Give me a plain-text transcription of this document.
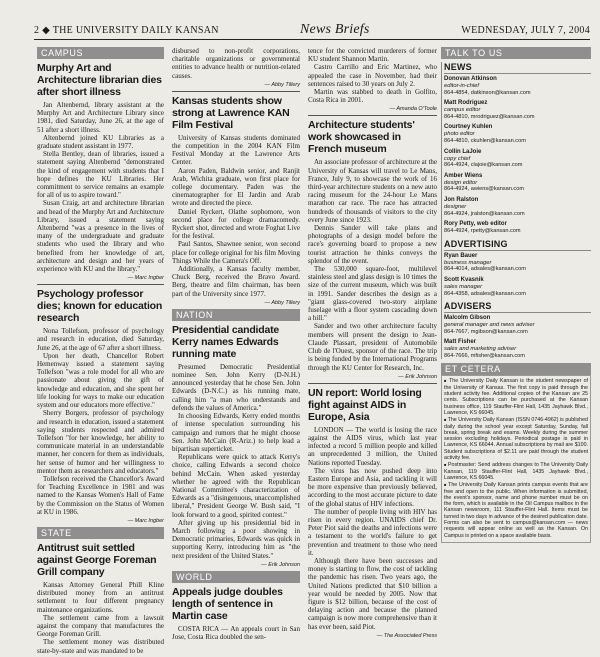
2 ◆ THE UNIVERSITY DAILY KANSAN	News Briefs	WEDNESDAY, JULY 7, 2004
CAMPUS
Murphy Art and Architecture librarian dies after short illness

Jan Altenbernd, library assistant at the Murphy Art and Architecture Library since 1981, died Saturday, June 26, at the age of 51 after a short illness.

Altenbernd joined KU Libraries as a graduate student assistant in 1977.

Stella Bentley, dean of libraries, issued a statement saying Altenbernd "demonstrated the kind of engagement with students that I hope defines the KU Libraries. Her commitment to service remains an example for all of us to aspire toward."

Susan Craig, art and architecture librarian and head of the Murphy Art and Architecture Library, issued a statement saying Altenbernd "was a presence in the lives of many of the undergraduate and graduate students who used the library and who benefited from her knowledge of art, architecture and design and her years of experience with KU and the library."

— Marc Ingber
Psychology professor dies; known for education research

Nona Tollefson, professor of psychology and research in education, died Saturday, June 26, at the age of 67 after a short illness.

Upon her death, Chancellor Robert Hemenway issued a statement saying Tollefson "was a role model for all who are passionate about giving the gift of knowledge and education, and she spent her life looking for ways to make our education system and our educators more effective."

Sherry Borgers, professor of psychology and research in education, issued a statement saying students respected and admired Tollefson "for her knowledge, her ability to communicate material in an understandable manner, her concern for them as individuals, her sense of humor and her willingness to mentor them as researchers and educators."

Tollefson received the Chancellor's Award for Teaching Excellence in 1981 and was named to the Kansas Women's Hall of Fame by the Commission on the Status of Women at KU in 1986.

— Marc Ingber
STATE
Antitrust suit settled against George Foreman Grill company

Kansas Attorney General Phill Kline distributed money from an antitrust settlement to four different pregnancy maintenance organizations.

The settlement came from a lawsuit against the company that manufactures the George Foreman Grill.

The settlement money was distributed state-by-state and was mandated to be

disbursed to non-profit corporations, charitable organizations or governmental entities to advance health or nutrition-related causes.

— Abby Tillery
Kansas students show strong at Lawrence KAN Film Festival

University of Kansas students dominated the competition in the 2004 KAN Film Festival Monday at the Lawrence Arts Center.

Aaron Paden, Baldwin senior, and Ranjit Arab, Wichita graduate, won first place for college documentary. Paden was the cinematographer for El Jardin and Arab wrote and directed the piece.

Daniel Ryckert, Olathe sophomore, won second place for college dramacomedy. Ryckert shot, directed and wrote Foghat Live for the festival.

Paul Santos, Shawnee senior, won second place for college original for his film Moving Things While the Camera's Off.

Additionally, a Kansas faculty member, Chuck Berg, received the Bravo Award. Berg, theatre and film chairman, has been part of the University since 1977.

— Abby Tillery
NATION
Presidential candidate Kerry names Edwards running mate

Presumed Democratic Presidential nominee Sen. John Kerry (D-N.H.) announced yesterday that he chose Sen. John Edwards (D-N.C.) as his running mate, calling him "a man who understands and defends the values of America."

In choosing Edwards, Kerry ended months of intense speculation surrounding his campaign and rumors that he might choose Sen. John McCain (R-Ariz.) to help lead a bipartisan superticket.

Republicans were quick to attack Kerry's choice, calling Edwards a second choice behind McCain. When asked yesterday whether he agreed with the Republican National Committee's characterization of Edwards as a "disingenuous, unaccomplished liberal," President George W. Bush said, "I look forward to a good, spirited contest."

After giving up his presidential bid in March following a poor showing in Democratic primaries, Edwards was quick in supporting Kerry, introducing him as "the next president of the United States."

— Erik Johnson
WORLD
Appeals judge doubles length of sentence in Martin case

COSTA RICA — An appeals court in San Jose, Costa Rica doubled the sen-

tence for the convicted murderers of former KU student Shannon Martin.

Castro Carrillo and Eric Martinez, who appealed the case in November, had their sentences raised to 30 years on July 2.

Martin was stabbed to death in Golfito, Costa Rica in 2001.

— Amanda O'Toole
Architecture students' work showcased in French museum

An associate professor of architecture at the University of Kansas will travel to Le Mans, France, July 9, to showcase the work of 16 third-year architecture students on a new auto racing museum for the 24-hour Le Mans marathon car race. The race has attracted hundreds of thousands of visitors to the city every June since 1923.

Dennis Sander will take plans and photographs of a design model before the race's governing board to propose a new tourist attraction he thinks conveys the splendor of the event.

The 530,000 square-foot, multilevel stainless steel and glass design is 10 times the size of the current museum, which was built in 1991. Sander describes the design as a "giant glass-covered two-story airplane fuselage with a floor system cascading down a hill."

Sander and two other architecture faculty members will present the design to Jean-Claude Plassart, president of Automobile Club de l'Ouest, sponsor of the race. The trip is being funded by the International Programs through the KU Center for Research, Inc.

— Erik Johnson
UN report: World losing fight against AIDS in Europe, Asia

LONDON — The world is losing the race against the AIDS virus, which last year infected a record 5 million people and killed an unprecedented 3 million, the United Nations reported Tuesday.

The virus has now pushed deep into Eastern Europe and Asia, and tackling it will be more expensive than previously believed, according to the most accurate picture to date of the global status of HIV infections.

The number of people living with HIV has risen in every region. UNAIDS chief Dr. Peter Piot said the deaths and infections were a testament to the world's failure to get prevention and treatment to those who need it.

Although there have been successes and money is starting to flow, the cost of tackling the pandemic has risen. Two years ago, the United Nations predicted that $10 billion a year would be needed by 2005. Now that figure is $12 billion, because of the cost of delaying action and because the planned campaign is now more comprehensive than it has ever been, said Piot.

— The Associated Press
TALK TO US
NEWS
Donovan Atkinson
editor-in-chief
864-4854, datkinson@kansan.com
Matt Rodriguez
campus editor
864-4810, mrodriguez@kansan.com
Courtney Kuhlen
photo editor
864-4810, ckuhlen@kansan.com
Collin LaJoie
copy chief
864-4924, clajoie@kansan.com
Amber Wiens
design editor
864-4924, awiens@kansan.com
Jon Ralston
designer
864-4924, jralston@kansan.com
Rory Petty, web editor
864-4924, rpetty@kansan.com
ADVERTISING
Ryan Bauer
business manager
864-4014, adsales@kansan.com
Scott Kvasnik
sales manager
864-4358, adsales@kansan.com
ADVISERS
Malcolm Gibson
general manager and news adviser
864-7667, mgibson@kansan.com
Matt Fisher
sales and marketing adviser
864-7666, mfisher@kansan.com
ET CETERA

■ The University Daily Kansan is the student newspaper of the University of Kansas. The first copy is paid through the student activity fee. Additional copies of the Kansan are 25 cents. Subscriptions can be purchased at the Kansan business office, 119 Stauffer-Flint Hall, 1435 Jayhawk Blvd., Lawrence, KS 66045.

■ The University Daily Kansan (ISSN 0746-4962) is published daily during the school year except Saturday, Sunday, fall break, spring break and exams. Weekly during the summer session excluding holidays. Periodical postage is paid in Lawrence, KS 66044. Annual subscriptions by mail are $100. Student subscriptions of $2.11 are paid through the student activity fee.

■ Postmaster: Send address changes to The University Daily Kansan, 119 Stauffer-Flint Hall, 1435 Jayhawk Blvd., Lawrence, KS 66045.

■ The University Daily Kansan prints campus events that are free and open to the public. When information is submitted, the event's sponsor, name and phone number must be on the form, which is available in the Oil Campus mailbox in the Kansan newsroom, 111 Stauffer-Flint Hall. Items must be turned in two days in advance of the desired publication date. Forms can also be sent to campus@kansan.com — news requests will appear online as well as the Kansan. On Campus is printed on a space available basis.
